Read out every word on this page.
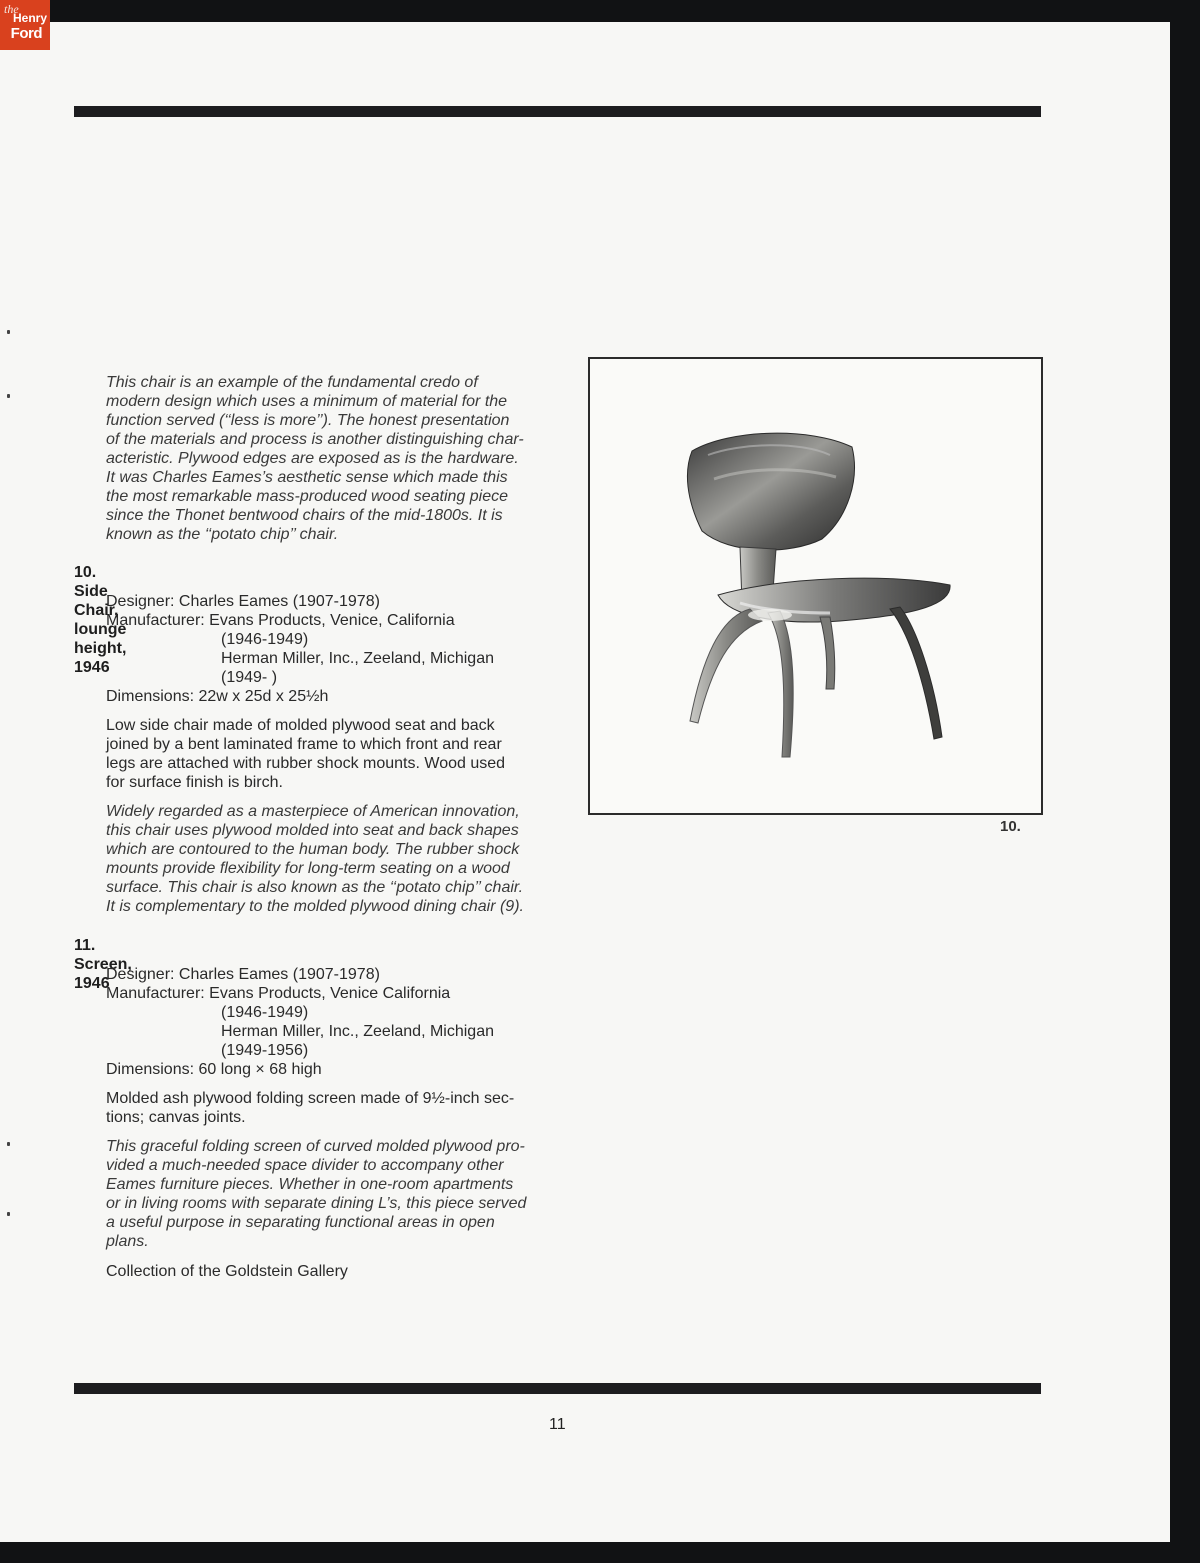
the
Henry
Ford

This chair is an example of the fundamental credo of

modern design which uses a minimum of material for the

function served (‘‘less is more’’). The honest presentation

of the materials and process is another distinguishing char-

acteristic. Plywood edges are exposed as is the hardware.

It was Charles Eames’s aesthetic sense which made this

the most remarkable mass-produced wood seating piece

since the Thonet bentwood chairs of the mid-1800s. It is

known as the ‘‘potato chip’’ chair.

10. Side Chair, lounge height, 1946

Designer: Charles Eames (1907-1978)

Manufacturer: Evans Products, Venice, California

(1946-1949)

Herman Miller, Inc., Zeeland, Michigan

(1949- )

Dimensions: 22w x 25d x 25½h

Low side chair made of molded plywood seat and back

joined by a bent laminated frame to which front and rear

legs are attached with rubber shock mounts. Wood used

for surface finish is birch.

Widely regarded as a masterpiece of American innovation,

this chair uses plywood molded into seat and back shapes

which are contoured to the human body. The rubber shock

mounts provide flexibility for long-term seating on a wood

surface. This chair is also known as the ‘‘potato chip’’ chair.

It is complementary to the molded plywood dining chair (9).

11. Screen, 1946

Designer: Charles Eames (1907-1978)

Manufacturer: Evans Products, Venice California

(1946-1949)

Herman Miller, Inc., Zeeland, Michigan

(1949-1956)

Dimensions: 60 long × 68 high

Molded ash plywood folding screen made of 9½-inch sec-

tions; canvas joints.

This graceful folding screen of curved molded plywood pro-

vided a much-needed space divider to accompany other

Eames furniture pieces. Whether in one-room apartments

or in living rooms with separate dining L’s, this piece served

a useful purpose in separating functional areas in open

plans.

Collection of the Goldstein Gallery

10.
11
